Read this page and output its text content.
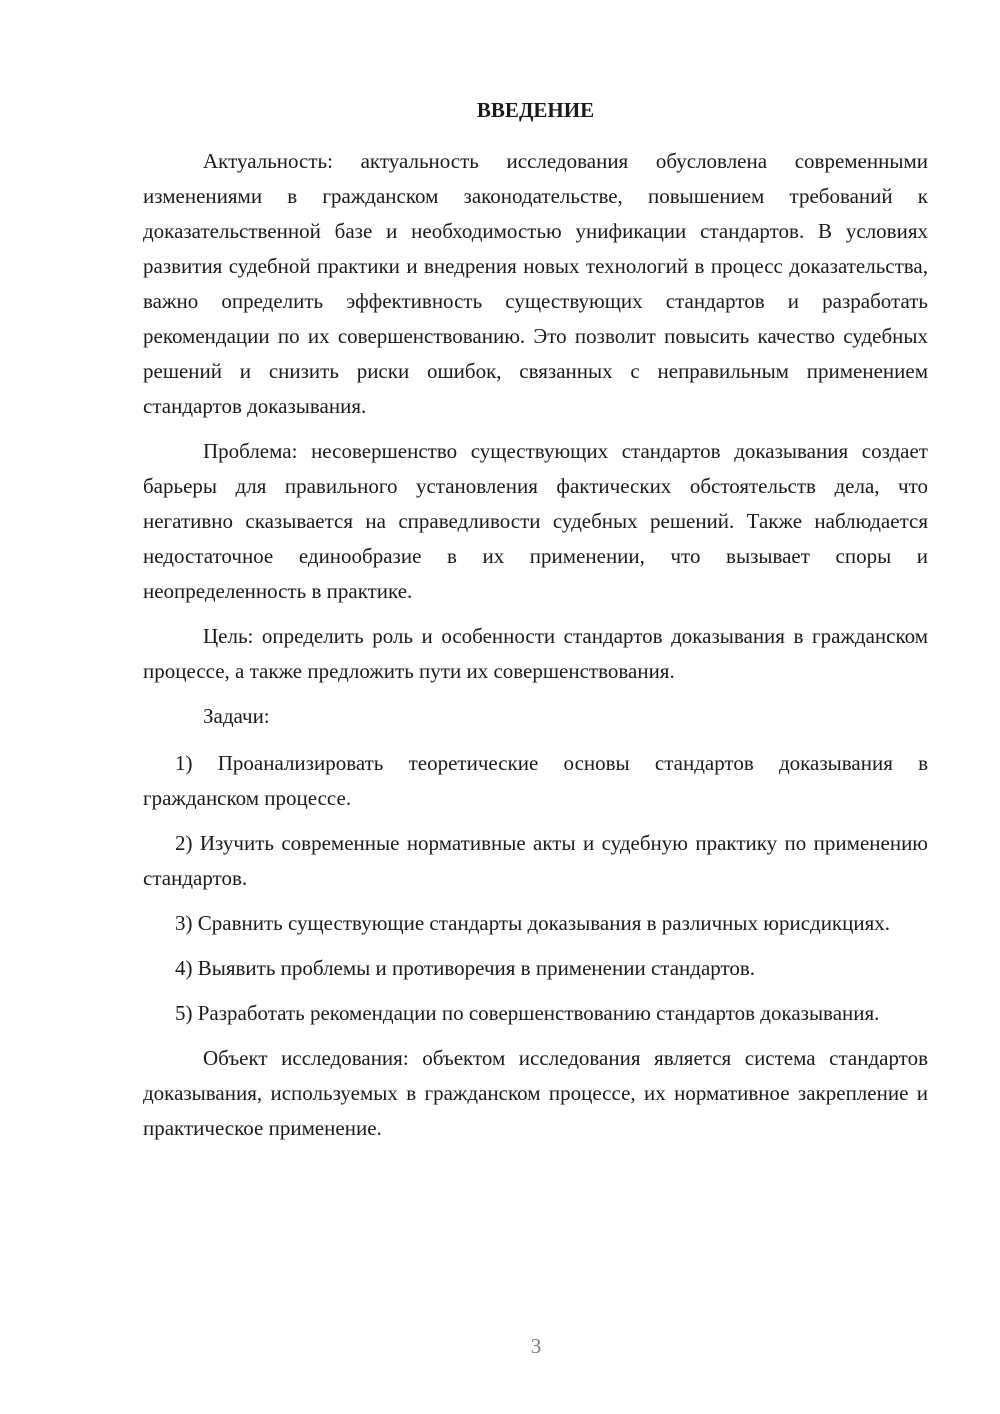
ВВЕДЕНИЕ

Актуальность: актуальность исследования обусловлена современными изменениями в гражданском законодательстве, повышением требований к доказательственной базе и необходимостью унификации стандартов. В условиях развития судебной практики и внедрения новых технологий в процесс доказательства, важно определить эффективность существующих стандартов и разработать рекомендации по их совершенствованию. Это позволит повысить качество судебных решений и снизить риски ошибок, связанных с неправильным применением стандартов доказывания.

Проблема: несовершенство существующих стандартов доказывания создает барьеры для правильного установления фактических обстоятельств дела, что негативно сказывается на справедливости судебных решений. Также наблюдается недостаточное единообразие в их применении, что вызывает споры и неопределенность в практике.

Цель: определить роль и особенности стандартов доказывания в гражданском процессе, а также предложить пути их совершенствования.

Задачи:

1) Проанализировать теоретические основы стандартов доказывания в гражданском процессе.

2) Изучить современные нормативные акты и судебную практику по применению стандартов.

3) Сравнить существующие стандарты доказывания в различных юрисдикциях.

4) Выявить проблемы и противоречия в применении стандартов.

5) Разработать рекомендации по совершенствованию стандартов доказывания.

Объект исследования: объектом исследования является система стандартов доказывания, используемых в гражданском процессе, их нормативное закрепление и практическое применение.

3
